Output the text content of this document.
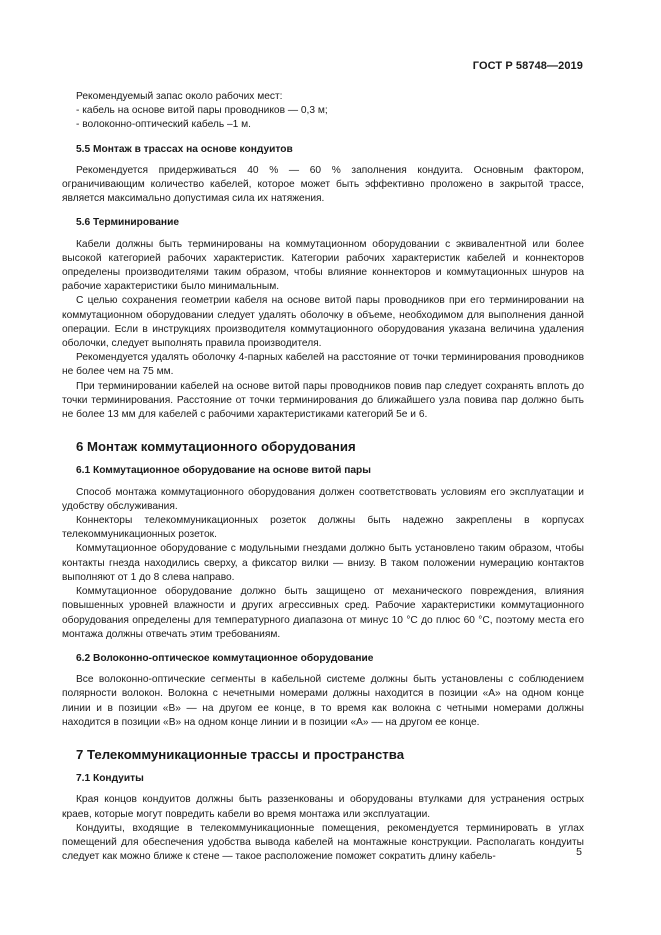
ГОСТ Р 58748—2019

Рекомендуемый запас около рабочих мест:

- кабель на основе витой пары проводников — 0,3 м;

- волоконно-оптический кабель –1 м.

5.5 Монтаж в трассах на основе кондуитов

Рекомендуется придерживаться 40 % — 60 % заполнения кондуита. Основным фактором, ограничивающим количество кабелей, которое может быть эффективно проложено в закрытой трассе, является максимально допустимая сила их натяжения.

5.6 Терминирование

Кабели должны быть терминированы на коммутационном оборудовании с эквивалентной или более высокой категорией рабочих характеристик. Категории рабочих характеристик кабелей и коннекторов определены производителями таким образом, чтобы влияние коннекторов и коммутационных шнуров на рабочие характеристики было минимальным.

С целью сохранения геометрии кабеля на основе витой пары проводников при его терминировании на коммутационном оборудовании следует удалять оболочку в объеме, необходимом для выполнения данной операции. Если в инструкциях производителя коммутационного оборудования указана величина удаления оболочки, следует выполнять правила производителя.

Рекомендуется удалять оболочку 4-парных кабелей на расстояние от точки терминирования проводников не более чем на 75 мм.

При терминировании кабелей на основе витой пары проводников повив пар следует сохранять вплоть до точки терминирования. Расстояние от точки терминирования до ближайшего узла повива пар должно быть не более 13 мм для кабелей с рабочими характеристиками категорий 5е и 6.

6 Монтаж коммутационного оборудования
6.1 Коммутационное оборудование на основе витой пары

Способ монтажа коммутационного оборудования должен соответствовать условиям его эксплуатации и удобству обслуживания.

Коннекторы телекоммуникационных розеток должны быть надежно закреплены в корпусах телекоммуникационных розеток.

Коммутационное оборудование с модульными гнездами должно быть установлено таким образом, чтобы контакты гнезда находились сверху, а фиксатор вилки — внизу. В таком положении нумерацию контактов выполняют от 1 до 8 слева направо.

Коммутационное оборудование должно быть защищено от механического повреждения, влияния повышенных уровней влажности и других агрессивных сред. Рабочие характеристики коммутационного оборудования определены для температурного диапазона от минус 10 °С до плюс 60 °С, поэтому места его монтажа должны отвечать этим требованиям.

6.2 Волоконно-оптическое коммутационное оборудование

Все волоконно-оптические сегменты в кабельной системе должны быть установлены с соблюдением полярности волокон. Волокна с нечетными номерами должны находится в позиции «А» на одном конце линии и в позиции «В» — на другом ее конце, в то время как волокна с четными номерами должны находится в позиции «В» на одном конце линии и в позиции «А» –– на другом ее конце.

7 Телекоммуникационные трассы и пространства
7.1 Кондуиты

Края концов кондуитов должны быть раззенкованы и оборудованы втулками для устранения острых краев, которые могут повредить кабели во время монтажа или эксплуатации.

Кондуиты, входящие в телекоммуникационные помещения, рекомендуется терминировать в углах помещений для обеспечения удобства вывода кабелей на монтажные конструкции. Располагать кондуиты следует как можно ближе к стене — такое расположение поможет сократить длину кабель-	5
